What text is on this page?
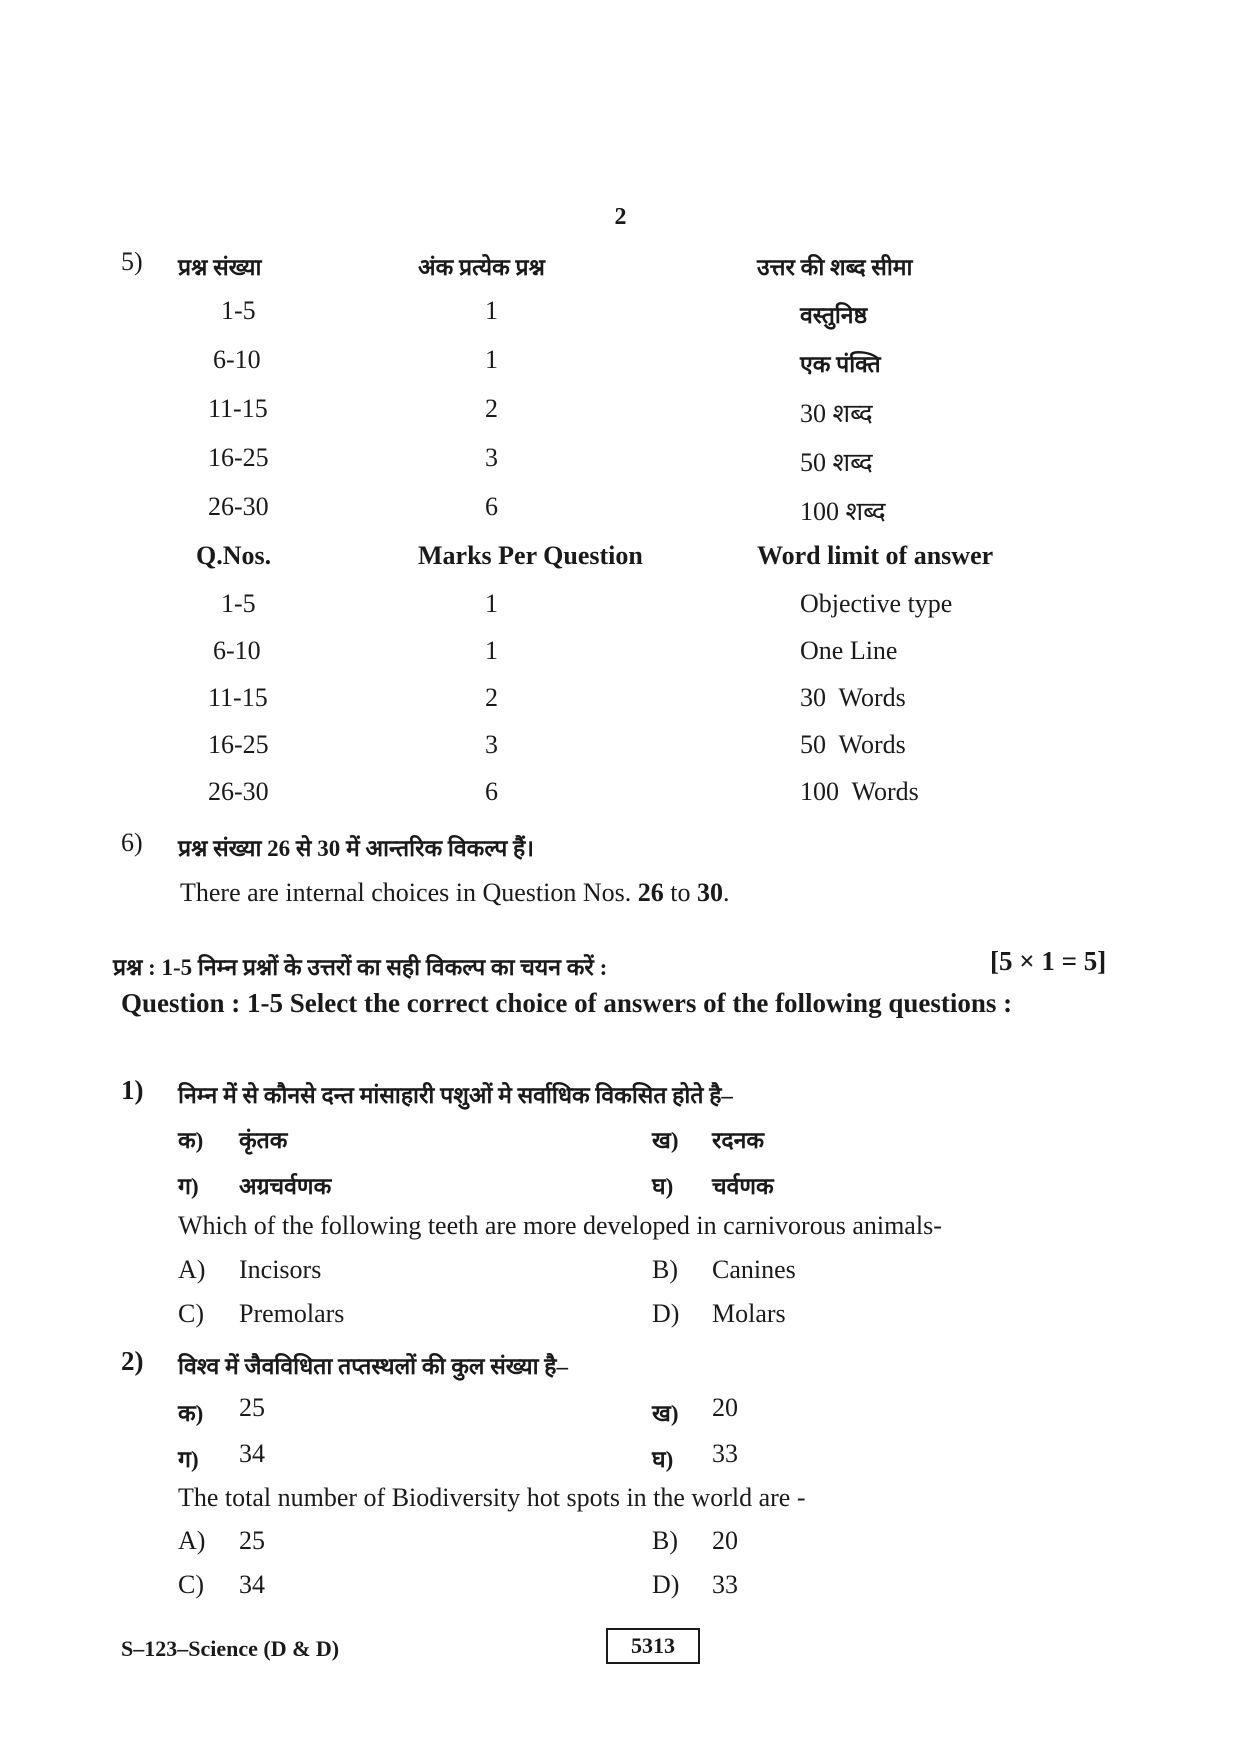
2
5) प्रश्न संख्या	अंक प्रत्येक प्रश्न	उत्तर की शब्द सीमा
1-5	1	वस्तुनिष्ठ
6-10	1	एक पंक्ति
11-15	2	30 शब्द
16-25	3	50 शब्द
26-30	6	100 शब्द
Q.Nos.	Marks Per Question	Word limit of answer
1-5	1	Objective type
6-10	1	One Line
11-15	2	30  Words
16-25	3	50  Words
26-30	6	100  Words
6) प्रश्न संख्या 26 से 30 में आन्तरिक विकल्प हैं।
There are internal choices in Question Nos. 26 to 30.
प्रश्न : 1-5 निम्न प्रश्नों के उत्तरों का सही विकल्प का चयन करें :	[5 × 1 = 5]
Question : 1-5 Select the correct choice of answers of the following questions :
1) निम्न में से कौनसे दन्त मांसाहारी पशुओं मे सर्वाधिक विकसित होते है–
क) कृंतक	ख) रदनक
ग) अग्रचर्वणक	घ) चर्वणक
Which of the following teeth are more developed in carnivorous animals-
A) Incisors	B) Canines
C) Premolars	D) Molars
2) विश्व में जैवविधिता तप्तस्थलों की कुल संख्या है–
क) 25	ख) 20
ग) 34	घ) 33
The total number of Biodiversity hot spots in the world are -
A) 25	B) 20
C) 34	D) 33
S–123–Science (D & D)	5313
